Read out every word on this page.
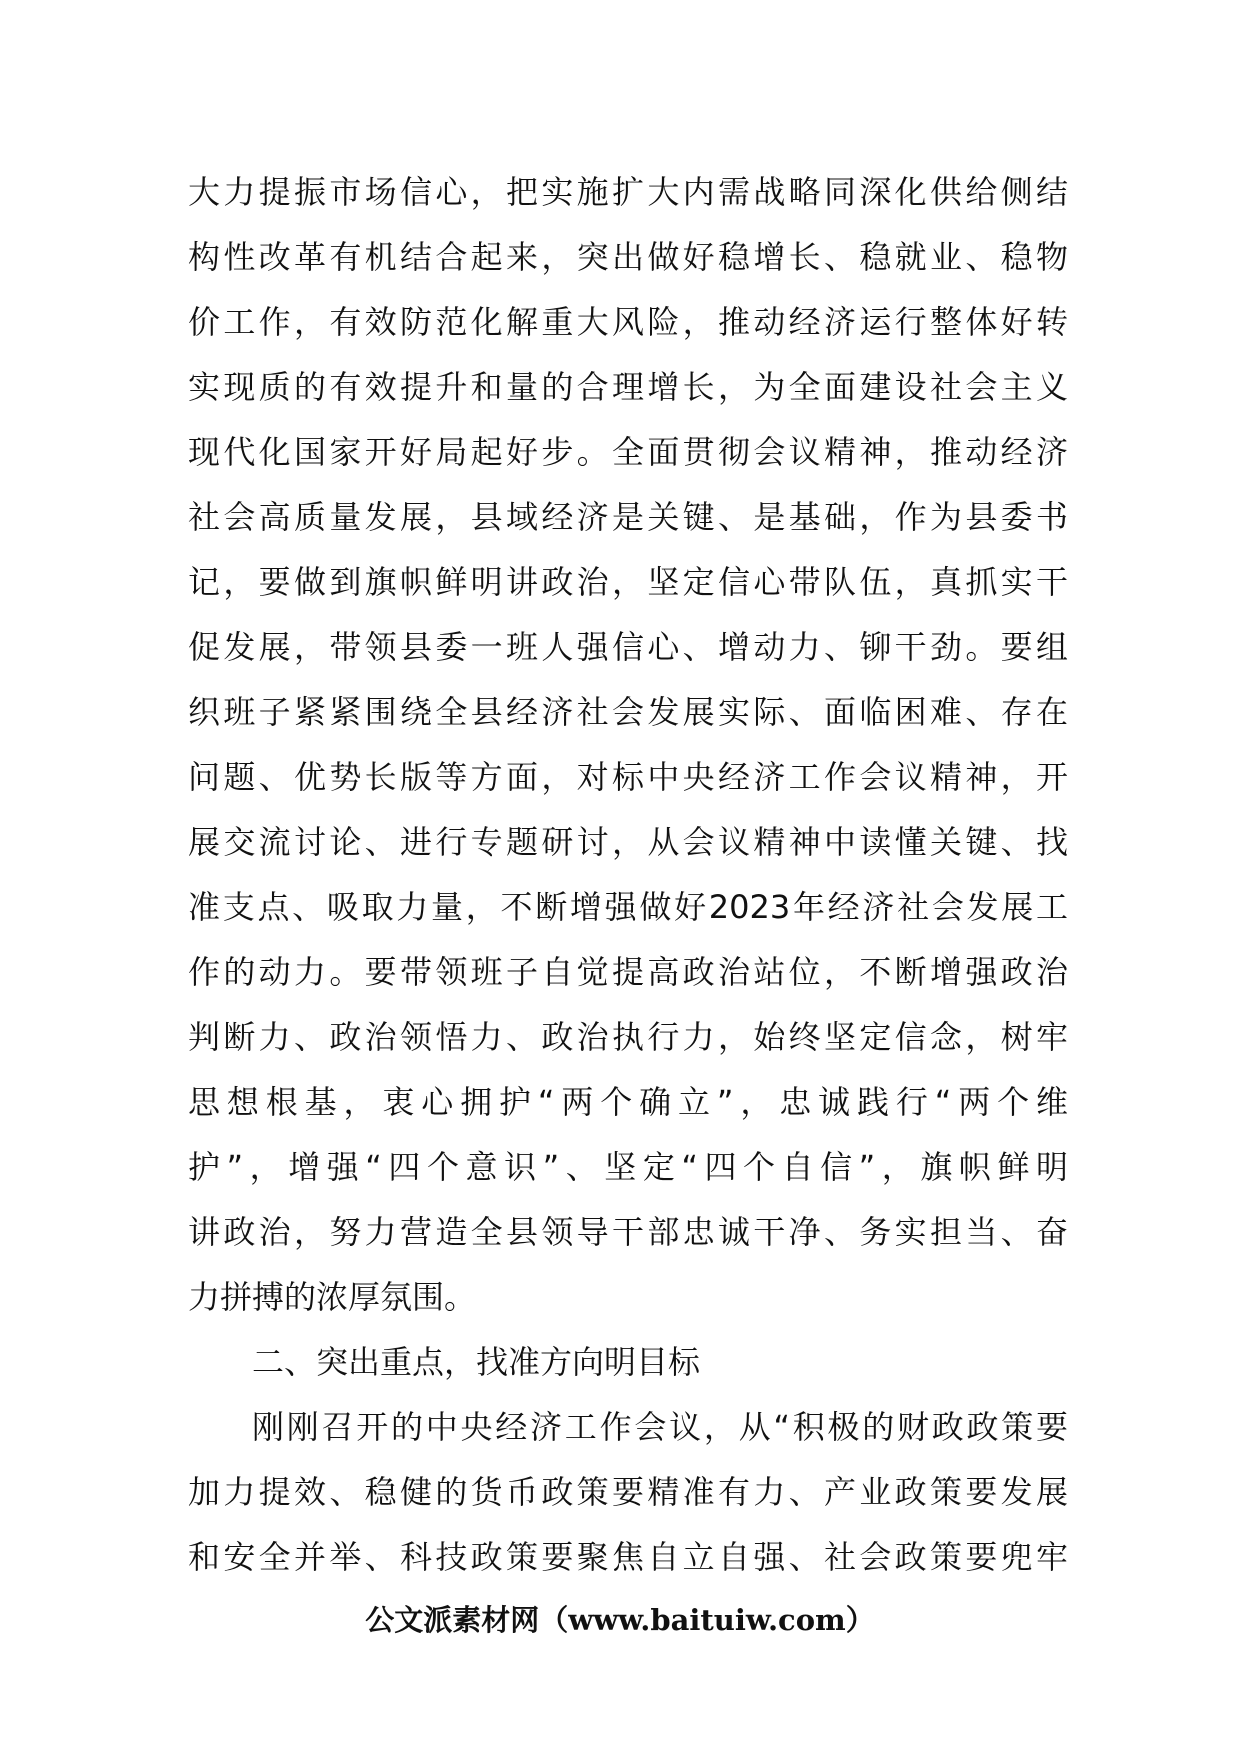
大力提振市场信心，把实施扩大内需战略同深化供给侧结
构性改革有机结合起来，突出做好稳增长、稳就业、稳物
价工作，有效防范化解重大风险，推动经济运行整体好转
实现质的有效提升和量的合理增长，为全面建设社会主义
现代化国家开好局起好步。全面贯彻会议精神，推动经济
社会高质量发展，县域经济是关键、是基础，作为县委书
记，要做到旗帜鲜明讲政治，坚定信心带队伍，真抓实干
促发展，带领县委一班人强信心、增动力、铆干劲。要组
织班子紧紧围绕全县经济社会发展实际、面临困难、存在
问题、优势长版等方面，对标中央经济工作会议精神，开
展交流讨论、进行专题研讨，从会议精神中读懂关键、找
准支点、吸取力量，不断增强做好2023年经济社会发展工
作的动力。要带领班子自觉提高政治站位，不断增强政治
判断力、政治领悟力、政治执行力，始终坚定信念，树牢
思想根基，衷心拥护“两个确立”，忠诚践行“两个维
护”，增强“四个意识”、坚定“四个自信”，旗帜鲜明
讲政治，努力营造全县领导干部忠诚干净、务实担当、奋
力拼搏的浓厚氛围。
二、突出重点，找准方向明目标
刚刚召开的中央经济工作会议，从“积极的财政政策要
加力提效、稳健的货币政策要精准有力、产业政策要发展
和安全并举、科技政策要聚焦自立自强、社会政策要兜牢
公文派素材网（www.baituiw.com）
